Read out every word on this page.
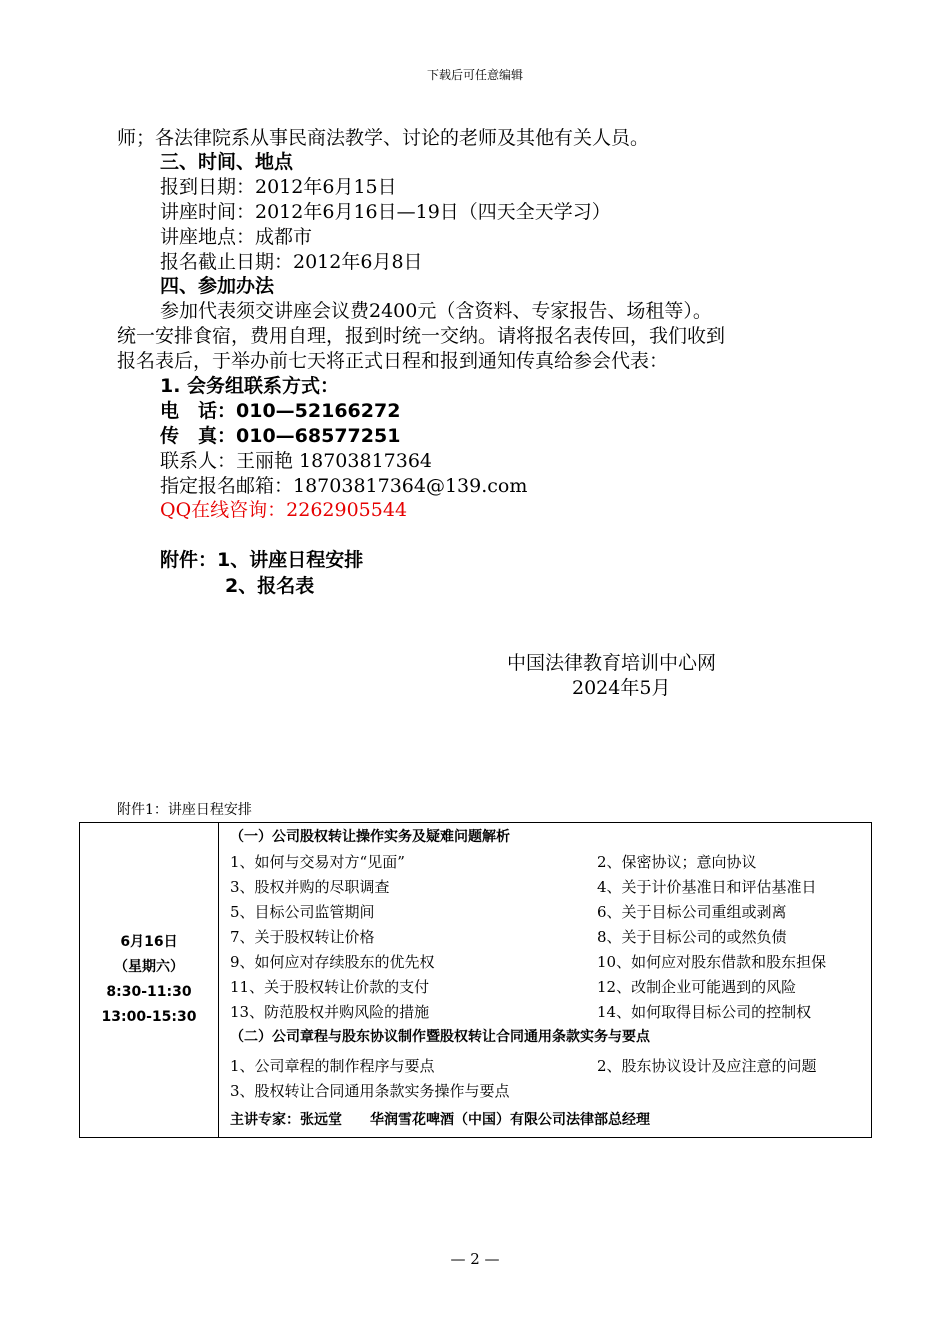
下载后可任意编辑
师；各法律院系从事民商法教学、讨论的老师及其他有关人员。
三、时间、地点
报到日期：2012年6月15日
讲座时间：2012年6月16日—19日（四天全天学习）
讲座地点：成都市
报名截止日期：2012年6月8日
四、参加办法
参加代表须交讲座会议费2400元（含资料、专家报告、场租等）。
统一安排食宿，费用自理，报到时统一交纳。请将报名表传回，我们收到
报名表后，于举办前七天将正式日程和报到通知传真给参会代表：
1. 会务组联系方式：
电　话：010—52166272
传　真：010—68577251
联系人：王丽艳 18703817364
指定报名邮箱：18703817364@139.com
QQ在线咨询：2262905544
附件：1、讲座日程安排
2、报名表
中国法律教育培训中心网
2024年5月
附件1：讲座日程安排
6月16日
（星期六）
8:30-11:30
13:00-15:30

（一）公司股权转让操作实务及疑难问题解析
1、如何与交易对方“见面”	2、保密协议；意向协议
3、股权并购的尽职调查	4、关于计价基准日和评估基准日
5、目标公司监管期间	6、关于目标公司重组或剥离
7、关于股权转让价格	8、关于目标公司的或然负债
9、如何应对存续股东的优先权	10、如何应对股东借款和股东担保
11、关于股权转让价款的支付	12、改制企业可能遇到的风险
13、防范股权并购风险的措施	14、如何取得目标公司的控制权
（二）公司章程与股东协议制作暨股权转让合同通用条款实务与要点
1、公司章程的制作程序与要点	2、股东协议设计及应注意的问题
3、股权转让合同通用条款实务操作与要点
主讲专家：张远堂　　华润雪花啤酒（中国）有限公司法律部总经理
— 2 —
